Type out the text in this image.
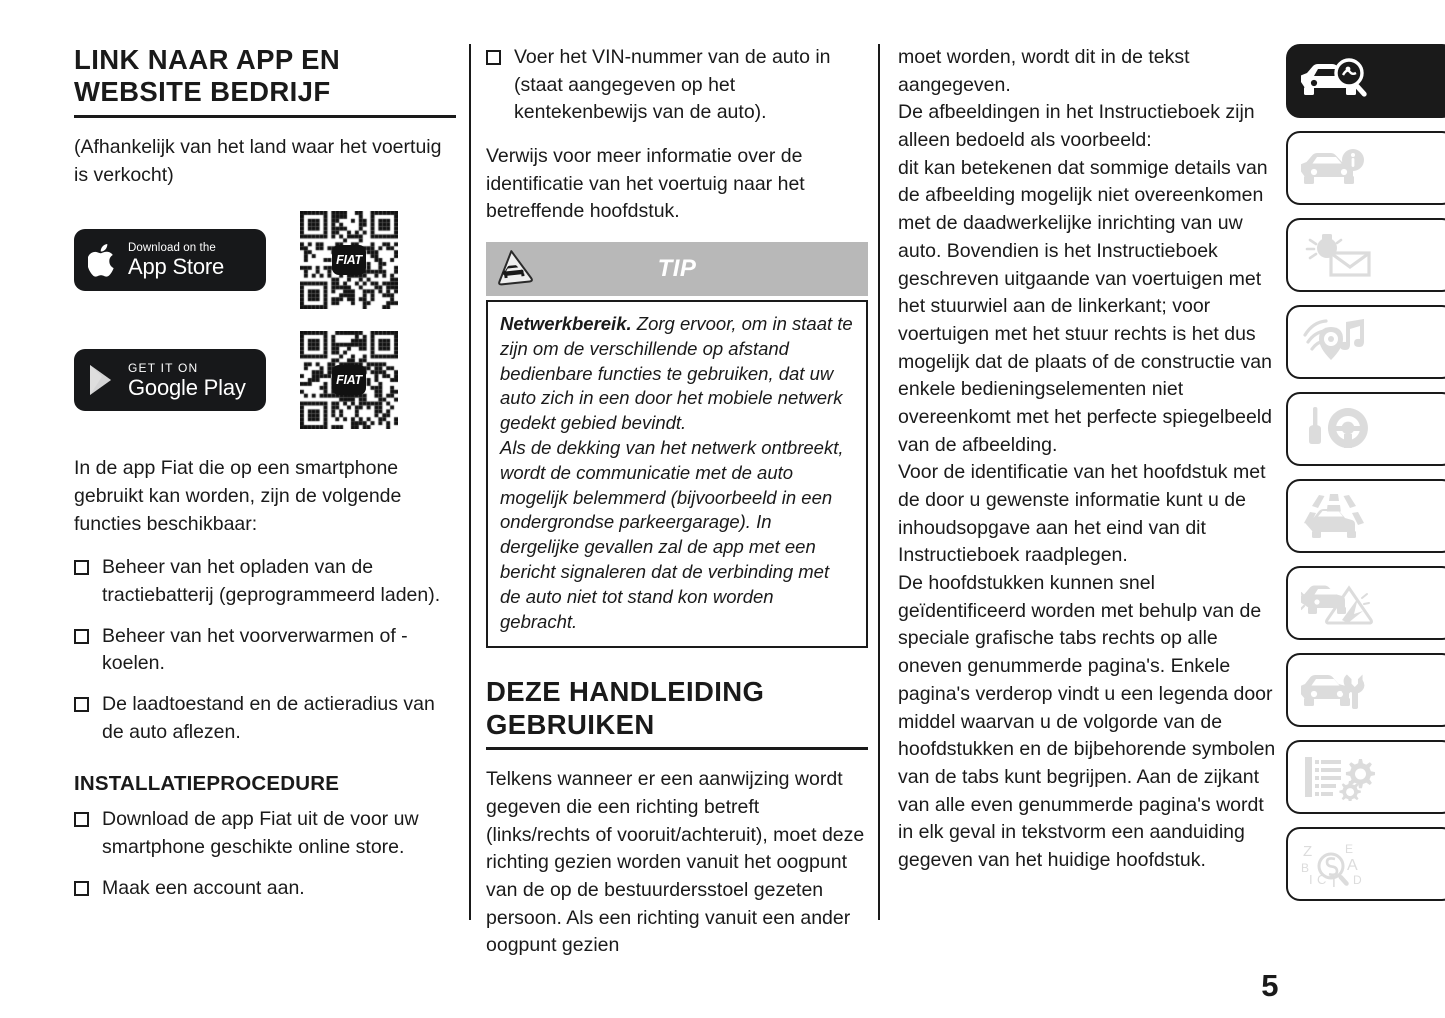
LINK NAAR APP EN WEBSITE BEDRIJF

(Afhankelijk van het land waar het voertuig is verkocht)

Download on the
App Store	FIAT
GET IT ON
Google Play	FIAT

In de app Fiat die op een smartphone gebruikt kan worden, zijn de volgende functies beschikbaar:

Beheer van het opladen van de tractiebatterij (geprogrammeerd laden).
Beheer van het voorverwarmen of -koelen.
De laadtoestand en de actieradius van de auto aflezen.
INSTALLATIEPROCEDURE
Download de app Fiat uit de voor uw smartphone geschikte online store.
Maak een account aan.
Voer het VIN-nummer van de auto in (staat aangegeven op het kentekenbewijs van de auto).

Verwijs voor meer informatie over de identificatie van het voertuig naar het betreffende hoofdstuk.

TIP

Netwerkbereik. Zorg ervoor, om in staat te zijn om de verschillende op afstand bedienbare functies te gebruiken, dat uw auto zich in een door het mobiele netwerk gedekt gebied bevindt.

Als de dekking van het netwerk ontbreekt, wordt de communicatie met de auto mogelijk belemmerd (bijvoorbeeld in een ondergrondse parkeergarage). In dergelijke gevallen zal de app met een bericht signaleren dat de verbinding met de auto niet tot stand kon worden gebracht.

DEZE HANDLEIDING GEBRUIKEN

Telkens wanneer er een aanwijzing wordt gegeven die een richting betreft (links/rechts of vooruit/achteruit), moet deze richting gezien worden vanuit het oogpunt van de op de bestuurdersstoel gezeten persoon. Als een richting vanuit een ander oogpunt gezien

moet worden, wordt dit in de tekst aangegeven.

De afbeeldingen in het Instructieboek zijn alleen bedoeld als voorbeeld:

dit kan betekenen dat sommige details van de afbeelding mogelijk niet overeenkomen met de daadwerkelijke inrichting van uw auto. Bovendien is het Instructieboek geschreven uitgaande van voertuigen met het stuurwiel aan de linkerkant; voor voertuigen met het stuur rechts is het dus mogelijk dat de plaats of de constructie van enkele bedieningselementen niet overeenkomt met het perfecte spiegelbeeld van de afbeelding.

Voor de identificatie van het hoofdstuk met de door u gewenste informatie kunt u de inhoudsopgave aan het eind van dit Instructieboek raadplegen.

De hoofdstukken kunnen snel geïdentificeerd worden met behulp van de speciale grafische tabs rechts op alle oneven genummerde pagina's. Enkele pagina's verderop vindt u een legenda door middel waarvan u de volgorde van de hoofdstukken en de bijbehorende symbolen van de tabs kunt begrijpen. Aan de zijkant van alle even genummerde pagina's wordt in elk geval in tekstvorm een aanduiding gegeven van het huidige hoofdstuk.	Z
B
I C T
E
A
D
5
